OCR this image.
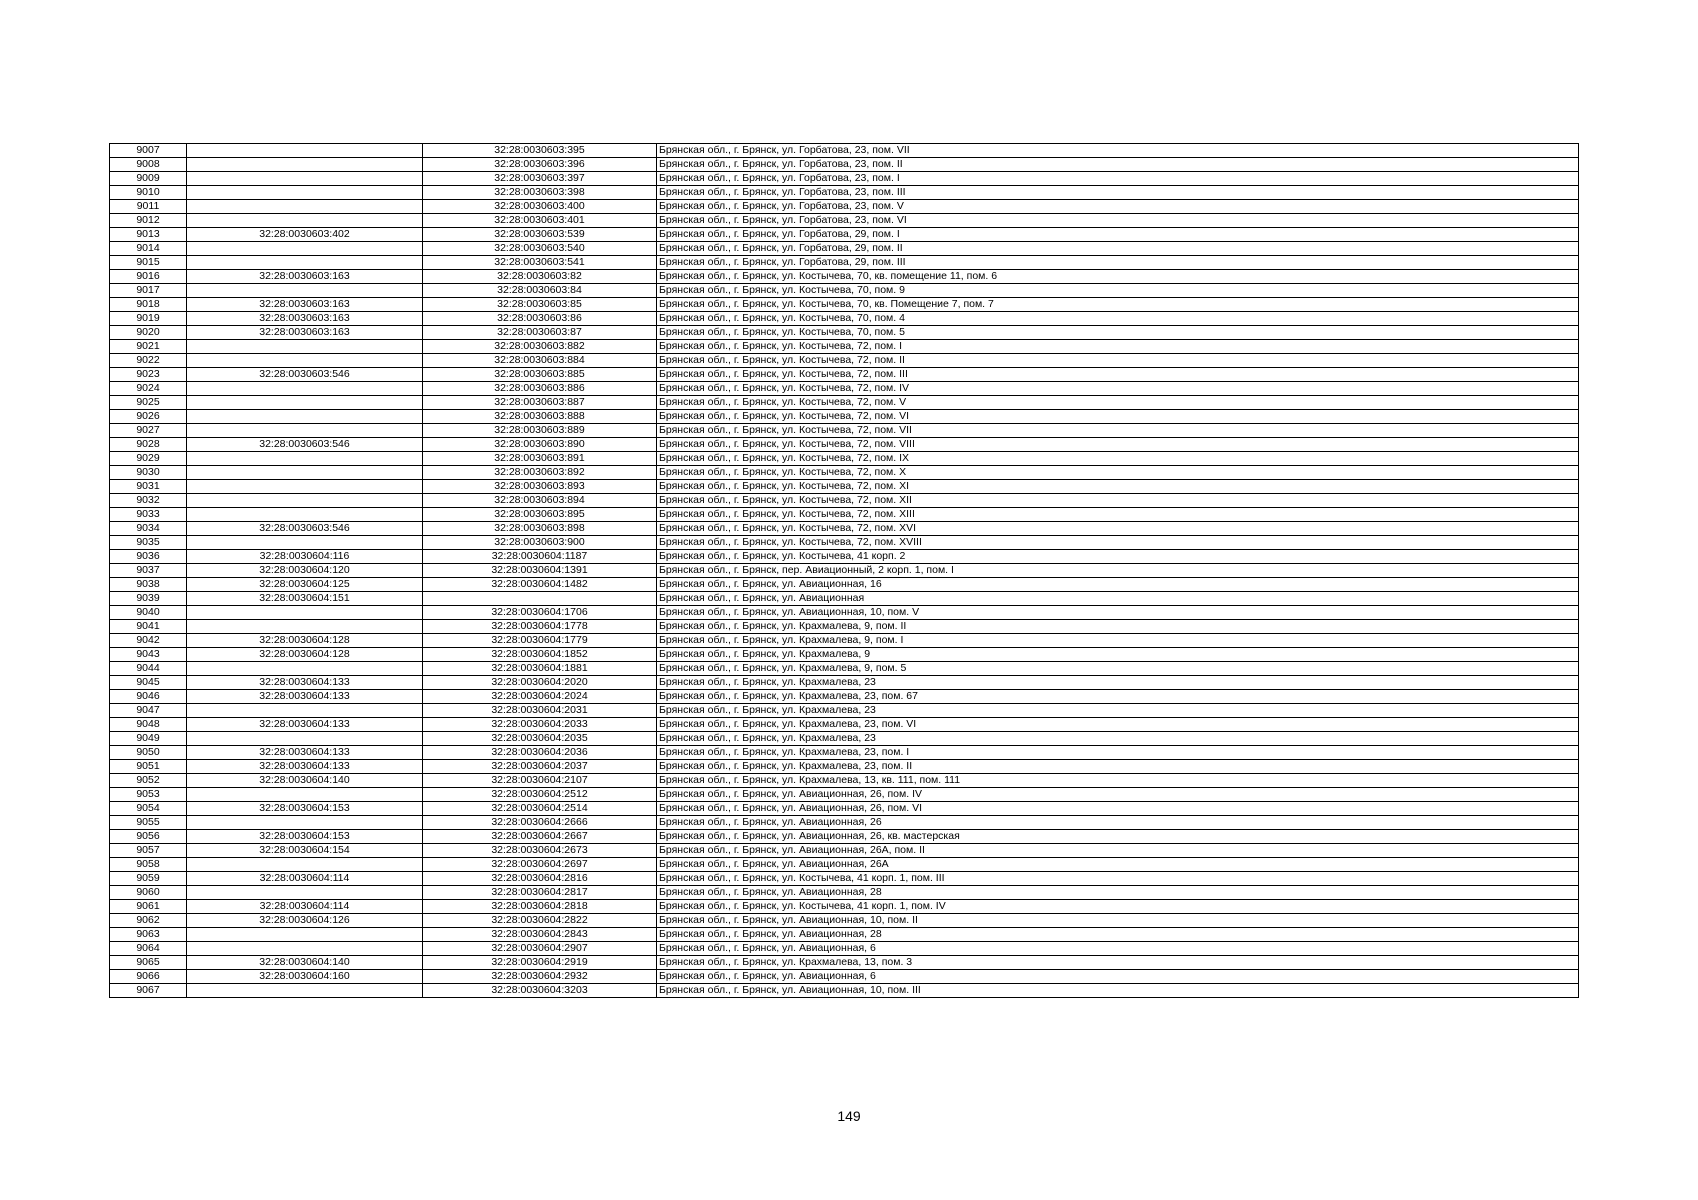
9007		32:28:0030603:395	Брянская обл., г. Брянск, ул. Горбатова, 23, пом. VII
9008		32:28:0030603:396	Брянская обл., г. Брянск, ул. Горбатова, 23, пом. II
9009		32:28:0030603:397	Брянская обл., г. Брянск, ул. Горбатова, 23, пом. I
9010		32:28:0030603:398	Брянская обл., г. Брянск, ул. Горбатова, 23, пом. III
9011		32:28:0030603:400	Брянская обл., г. Брянск, ул. Горбатова, 23, пом. V
9012		32:28:0030603:401	Брянская обл., г. Брянск, ул. Горбатова, 23, пом. VI
9013	32:28:0030603:402	32:28:0030603:539	Брянская обл., г. Брянск, ул. Горбатова, 29, пом. I
9014		32:28:0030603:540	Брянская обл., г. Брянск, ул. Горбатова, 29, пом. II
9015		32:28:0030603:541	Брянская обл., г. Брянск, ул. Горбатова, 29, пом. III
9016	32:28:0030603:163	32:28:0030603:82	Брянская обл., г. Брянск, ул. Костычева, 70, кв. помещение 11, пом. 6
9017		32:28:0030603:84	Брянская обл., г. Брянск, ул. Костычева, 70, пом. 9
9018	32:28:0030603:163	32:28:0030603:85	Брянская обл., г. Брянск, ул. Костычева, 70, кв. Помещение 7, пом. 7
9019	32:28:0030603:163	32:28:0030603:86	Брянская обл., г. Брянск, ул. Костычева, 70, пом. 4
9020	32:28:0030603:163	32:28:0030603:87	Брянская обл., г. Брянск, ул. Костычева, 70, пом. 5
9021		32:28:0030603:882	Брянская обл., г. Брянск, ул. Костычева, 72, пом. I
9022		32:28:0030603:884	Брянская обл., г. Брянск, ул. Костычева, 72, пом. II
9023	32:28:0030603:546	32:28:0030603:885	Брянская обл., г. Брянск, ул. Костычева, 72, пом. III
9024		32:28:0030603:886	Брянская обл., г. Брянск, ул. Костычева, 72, пом. IV
9025		32:28:0030603:887	Брянская обл., г. Брянск, ул. Костычева, 72, пом. V
9026		32:28:0030603:888	Брянская обл., г. Брянск, ул. Костычева, 72, пом. VI
9027		32:28:0030603:889	Брянская обл., г. Брянск, ул. Костычева, 72, пом. VII
9028	32:28:0030603:546	32:28:0030603:890	Брянская обл., г. Брянск, ул. Костычева, 72, пом. VIII
9029		32:28:0030603:891	Брянская обл., г. Брянск, ул. Костычева, 72, пом. IX
9030		32:28:0030603:892	Брянская обл., г. Брянск, ул. Костычева, 72, пом. X
9031		32:28:0030603:893	Брянская обл., г. Брянск, ул. Костычева, 72, пом. XI
9032		32:28:0030603:894	Брянская обл., г. Брянск, ул. Костычева, 72, пом. XII
9033		32:28:0030603:895	Брянская обл., г. Брянск, ул. Костычева, 72, пом. XIII
9034	32:28:0030603:546	32:28:0030603:898	Брянская обл., г. Брянск, ул. Костычева, 72, пом. XVI
9035		32:28:0030603:900	Брянская обл., г. Брянск, ул. Костычева, 72, пом. XVIII
9036	32:28:0030604:116	32:28:0030604:1187	Брянская обл., г. Брянск, ул. Костычева, 41 корп. 2
9037	32:28:0030604:120	32:28:0030604:1391	Брянская обл., г. Брянск, пер. Авиационный, 2 корп. 1, пом. I
9038	32:28:0030604:125	32:28:0030604:1482	Брянская обл., г. Брянск, ул. Авиационная, 16
9039	32:28:0030604:151		Брянская обл., г. Брянск, ул. Авиационная
9040		32:28:0030604:1706	Брянская обл., г. Брянск, ул. Авиационная, 10, пом. V
9041		32:28:0030604:1778	Брянская обл., г. Брянск, ул. Крахмалева, 9, пом. II
9042	32:28:0030604:128	32:28:0030604:1779	Брянская обл., г. Брянск, ул. Крахмалева, 9, пом. I
9043	32:28:0030604:128	32:28:0030604:1852	Брянская обл., г. Брянск, ул. Крахмалева, 9
9044		32:28:0030604:1881	Брянская обл., г. Брянск, ул. Крахмалева, 9, пом. 5
9045	32:28:0030604:133	32:28:0030604:2020	Брянская обл., г. Брянск, ул. Крахмалева, 23
9046	32:28:0030604:133	32:28:0030604:2024	Брянская обл., г. Брянск, ул. Крахмалева, 23, пом. 67
9047		32:28:0030604:2031	Брянская обл., г. Брянск, ул. Крахмалева, 23
9048	32:28:0030604:133	32:28:0030604:2033	Брянская обл., г. Брянск, ул. Крахмалева, 23, пом. VI
9049		32:28:0030604:2035	Брянская обл., г. Брянск, ул. Крахмалева, 23
9050	32:28:0030604:133	32:28:0030604:2036	Брянская обл., г. Брянск, ул. Крахмалева, 23, пом. I
9051	32:28:0030604:133	32:28:0030604:2037	Брянская обл., г. Брянск, ул. Крахмалева, 23, пом. II
9052	32:28:0030604:140	32:28:0030604:2107	Брянская обл., г. Брянск, ул. Крахмалева, 13, кв. 111, пом. 111
9053		32:28:0030604:2512	Брянская обл., г. Брянск, ул. Авиационная, 26, пом. IV
9054	32:28:0030604:153	32:28:0030604:2514	Брянская обл., г. Брянск, ул. Авиационная, 26, пом. VI
9055		32:28:0030604:2666	Брянская обл., г. Брянск, ул. Авиационная, 26
9056	32:28:0030604:153	32:28:0030604:2667	Брянская обл., г. Брянск, ул. Авиационная, 26, кв. мастерская
9057	32:28:0030604:154	32:28:0030604:2673	Брянская обл., г. Брянск, ул. Авиационная, 26А, пом. II
9058		32:28:0030604:2697	Брянская обл., г. Брянск, ул. Авиационная, 26А
9059	32:28:0030604:114	32:28:0030604:2816	Брянская обл., г. Брянск, ул. Костычева, 41 корп. 1, пом. III
9060		32:28:0030604:2817	Брянская обл., г. Брянск, ул. Авиационная, 28
9061	32:28:0030604:114	32:28:0030604:2818	Брянская обл., г. Брянск, ул. Костычева, 41 корп. 1, пом. IV
9062	32:28:0030604:126	32:28:0030604:2822	Брянская обл., г. Брянск, ул. Авиационная, 10, пом. II
9063		32:28:0030604:2843	Брянская обл., г. Брянск, ул. Авиационная, 28
9064		32:28:0030604:2907	Брянская обл., г. Брянск, ул. Авиационная, 6
9065	32:28:0030604:140	32:28:0030604:2919	Брянская обл., г. Брянск, ул. Крахмалева, 13, пом. 3
9066	32:28:0030604:160	32:28:0030604:2932	Брянская обл., г. Брянск, ул. Авиационная, 6
9067		32:28:0030604:3203	Брянская обл., г. Брянск, ул. Авиационная, 10, пом. III
149
